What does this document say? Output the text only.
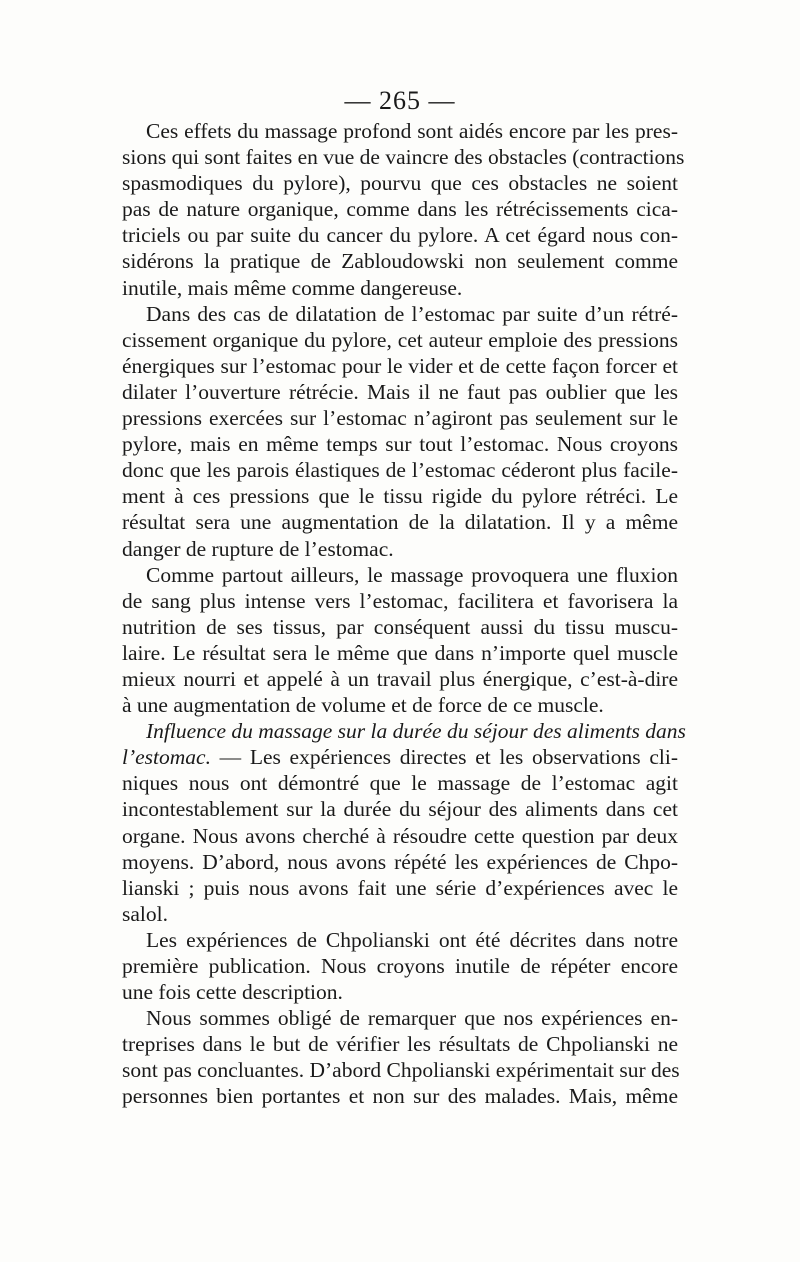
— 265 —
Ces effets du massage profond sont aidés encore par les pres-
sions qui sont faites en vue de vaincre des obstacles (contractions
spasmodiques du pylore), pourvu que ces obstacles ne soient
pas de nature organique, comme dans les rétrécissements cica-
triciels ou par suite du cancer du pylore. A cet égard nous con-
sidérons la pratique de Zabloudowski non seulement comme
inutile, mais même comme dangereuse.
Dans des cas de dilatation de l’estomac par suite d’un rétré-
cissement organique du pylore, cet auteur emploie des pressions
énergiques sur l’estomac pour le vider et de cette façon forcer et
dilater l’ouverture rétrécie. Mais il ne faut pas oublier que les
pressions exercées sur l’estomac n’agiront pas seulement sur le
pylore, mais en même temps sur tout l’estomac. Nous croyons
donc que les parois élastiques de l’estomac céderont plus facile-
ment à ces pressions que le tissu rigide du pylore rétréci. Le
résultat sera une augmentation de la dilatation. Il y a même
danger de rupture de l’estomac.
Comme partout ailleurs, le massage provoquera une fluxion
de sang plus intense vers l’estomac, facilitera et favorisera la
nutrition de ses tissus, par conséquent aussi du tissu muscu-
laire. Le résultat sera le même que dans n’importe quel muscle
mieux nourri et appelé à un travail plus énergique, c’est-à-dire
à une augmentation de volume et de force de ce muscle.
Influence du massage sur la durée du séjour des aliments dans
l’estomac. — Les expériences directes et les observations cli-
niques nous ont démontré que le massage de l’estomac agit
incontestablement sur la durée du séjour des aliments dans cet
organe. Nous avons cherché à résoudre cette question par deux
moyens. D’abord, nous avons répété les expériences de Chpo-
lianski ; puis nous avons fait une série d’expériences avec le
salol.
Les expériences de Chpolianski ont été décrites dans notre
première publication. Nous croyons inutile de répéter encore
une fois cette description.
Nous sommes obligé de remarquer que nos expériences en-
treprises dans le but de vérifier les résultats de Chpolianski ne
sont pas concluantes. D’abord Chpolianski expérimentait sur des
personnes bien portantes et non sur des malades. Mais, même
